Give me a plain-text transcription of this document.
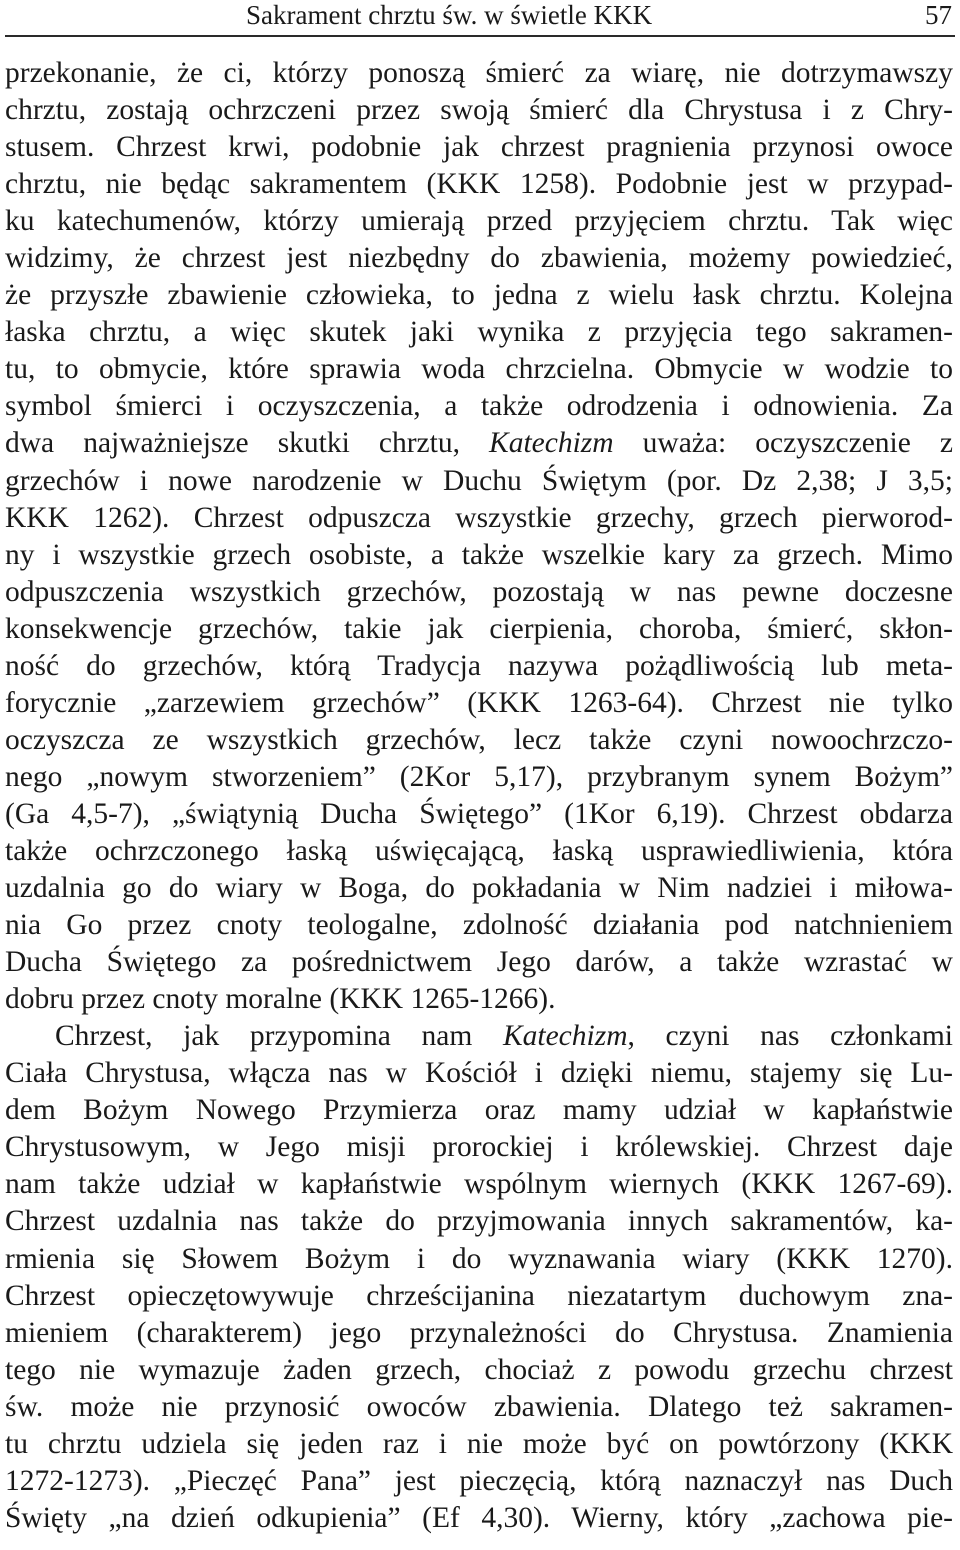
Sakrament chrztu św. w świetle KKK	57
przekonanie, że ci, którzy ponoszą śmierć za wiarę, nie dotrzymawszy
chrztu, zostają ochrzczeni przez swoją śmierć dla Chrystusa i z Chry-
stusem. Chrzest krwi, podobnie jak chrzest pragnienia przynosi owoce
chrztu, nie będąc sakramentem (KKK 1258). Podobnie jest w przypad-
ku katechumenów, którzy umierają przed przyjęciem chrztu. Tak więc
widzimy, że chrzest jest niezbędny do zbawienia, możemy powiedzieć,
że przyszłe zbawienie człowieka, to jedna z wielu łask chrztu. Kolejna
łaska chrztu, a więc skutek jaki wynika z przyjęcia tego sakramen-
tu, to obmycie, które sprawia woda chrzcielna. Obmycie w wodzie to
symbol śmierci i oczyszczenia, a także odrodzenia i odnowienia. Za
dwa najważniejsze skutki chrztu, Katechizm uważa: oczyszczenie z
grzechów i nowe narodzenie w Duchu Świętym (por. Dz 2,38; J 3,5;
KKK 1262). Chrzest odpuszcza wszystkie grzechy, grzech pierworod-
ny i wszystkie grzech osobiste, a także wszelkie kary za grzech. Mimo
odpuszczenia wszystkich grzechów, pozostają w nas pewne doczesne
konsekwencje grzechów, takie jak cierpienia, choroba, śmierć, skłon-
ność do grzechów, którą Tradycja nazywa pożądliwością lub meta-
forycznie „zarzewiem grzechów” (KKK 1263-64). Chrzest nie tylko
oczyszcza ze wszystkich grzechów, lecz także czyni nowoochrzczo-
nego „nowym stworzeniem” (2Kor 5,17), przybranym synem Bożym”
(Ga 4,5-7), „świątynią Ducha Świętego” (1Kor 6,19). Chrzest obdarza
także ochrzczonego łaską uświęcającą, łaską usprawiedliwienia, która
uzdalnia go do wiary w Boga, do pokładania w Nim nadziei i miłowa-
nia Go przez cnoty teologalne, zdolność działania pod natchnieniem
Ducha Świętego za pośrednictwem Jego darów, a także wzrastać w
dobru przez cnoty moralne (KKK 1265-1266).
Chrzest, jak przypomina nam Katechizm, czyni nas członkami
Ciała Chrystusa, włącza nas w Kościół i dzięki niemu, stajemy się Lu-
dem Bożym Nowego Przymierza oraz mamy udział w kapłaństwie
Chrystusowym, w Jego misji prorockiej i królewskiej. Chrzest daje
nam także udział w kapłaństwie wspólnym wiernych (KKK 1267-69).
Chrzest uzdalnia nas także do przyjmowania innych sakramentów, ka-
rmienia się Słowem Bożym i do wyznawania wiary (KKK 1270).
Chrzest opieczętowywuje chrześcijanina niezatartym duchowym zna-
mieniem (charakterem) jego przynależności do Chrystusa. Znamienia
tego nie wymazuje żaden grzech, chociaż z powodu grzechu chrzest
św. może nie przynosić owoców zbawienia. Dlatego też sakramen-
tu chrztu udziela się jeden raz i nie może być on powtórzony (KKK
1272-1273). „Pieczęć Pana” jest pieczęcią, którą naznaczył nas Duch
Święty „na dzień odkupienia” (Ef 4,30). Wierny, który „zachowa pie-
